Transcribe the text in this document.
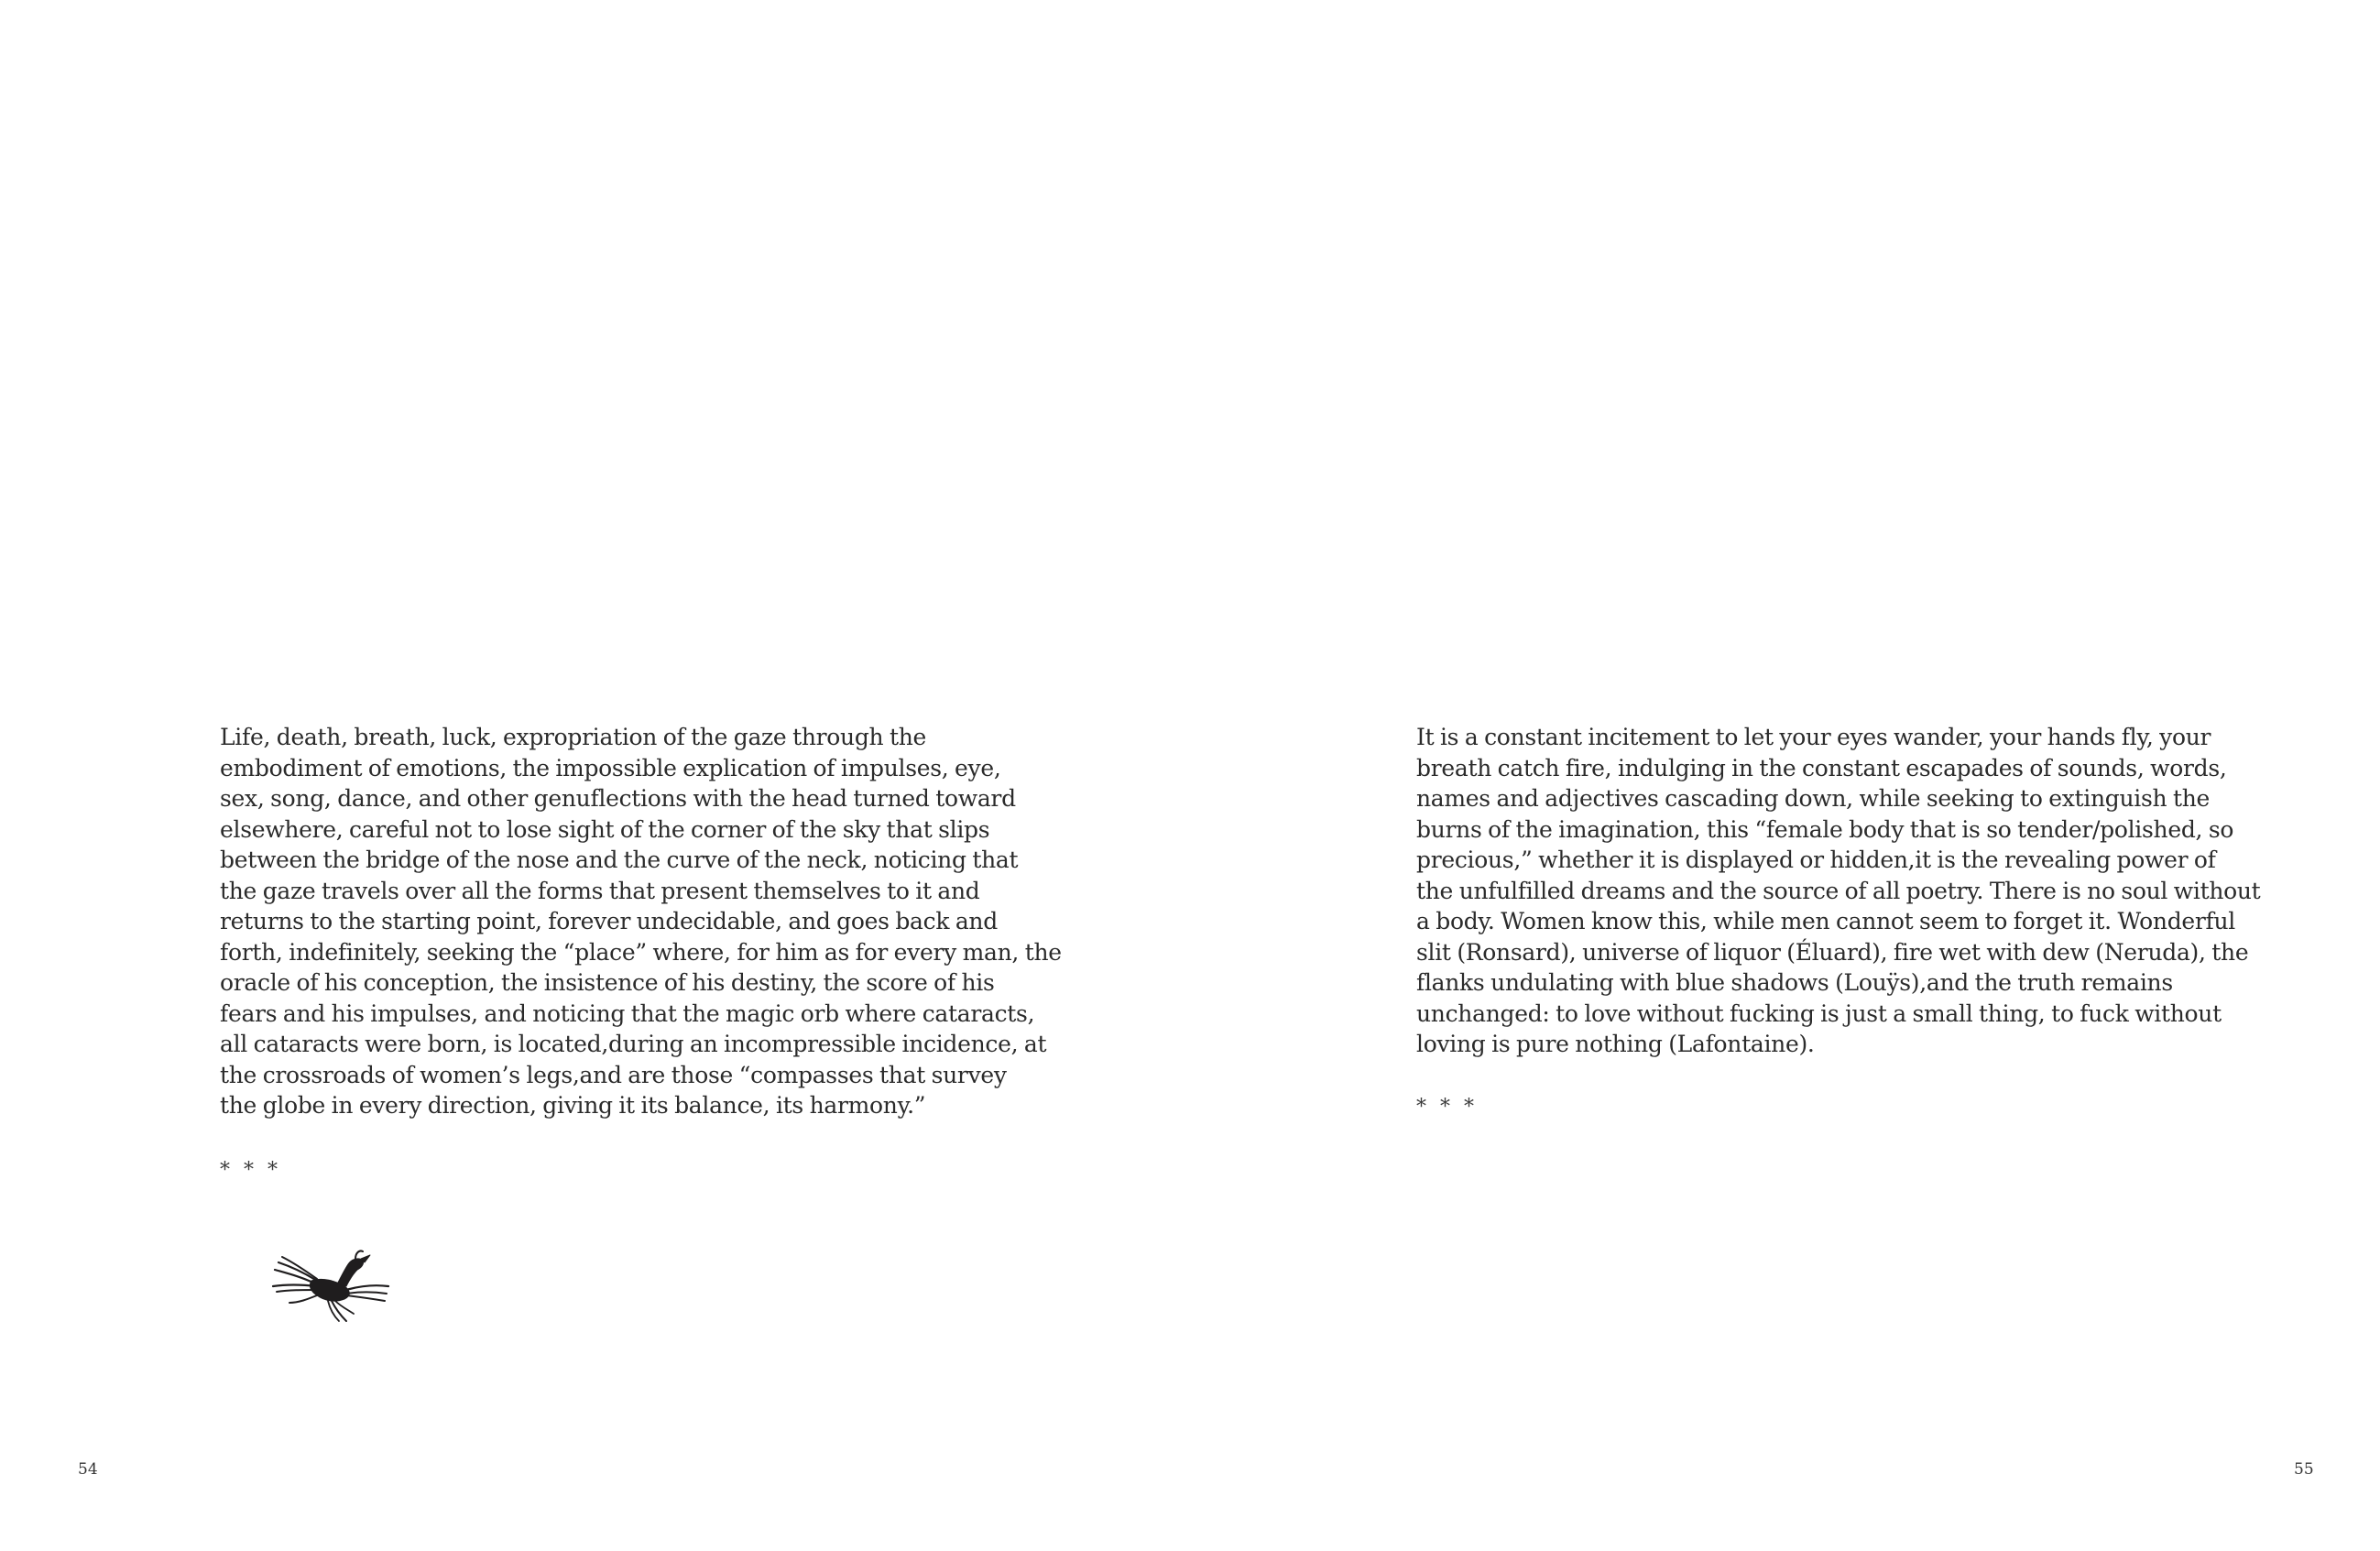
Life, death, breath, luck, expropriation of the gaze through the
embodiment of emotions, the impossible explication of impulses, eye,
sex, song, dance, and other genuflections with the head turned toward
elsewhere, careful not to lose sight of the corner of the sky that slips
between the bridge of the nose and the curve of the neck, noticing that
the gaze travels over all the forms that present themselves to it and
returns to the starting point, forever undecidable, and goes back and
forth, indefinitely, seeking the “place” where, for him as for every man, the
oracle of his conception, the insistence of his destiny, the score of his
fears and his impulses, and noticing that the magic orb where cataracts,
all cataracts were born, is located,during an incompressible incidence, at
the crossroads of women’s legs,and are those “compasses that survey
the globe in every direction, giving it its balance, its harmony.”
* * *
54
It is a constant incitement to let your eyes wander, your hands fly, your
breath catch fire, indulging in the constant escapades of sounds, words,
names and adjectives cascading down, while seeking to extinguish the
burns of the imagination, this “female body that is so tender/polished, so
precious,” whether it is displayed or hidden,it is the revealing power of
the unfulfilled dreams and the source of all poetry. There is no soul without
a body. Women know this, while men cannot seem to forget it. Wonderful
slit (Ronsard), universe of liquor (Éluard), fire wet with dew (Neruda), the
flanks undulating with blue shadows (Louÿs),and the truth remains
unchanged: to love without fucking is just a small thing, to fuck without
loving is pure nothing (Lafontaine).
* * *
55
